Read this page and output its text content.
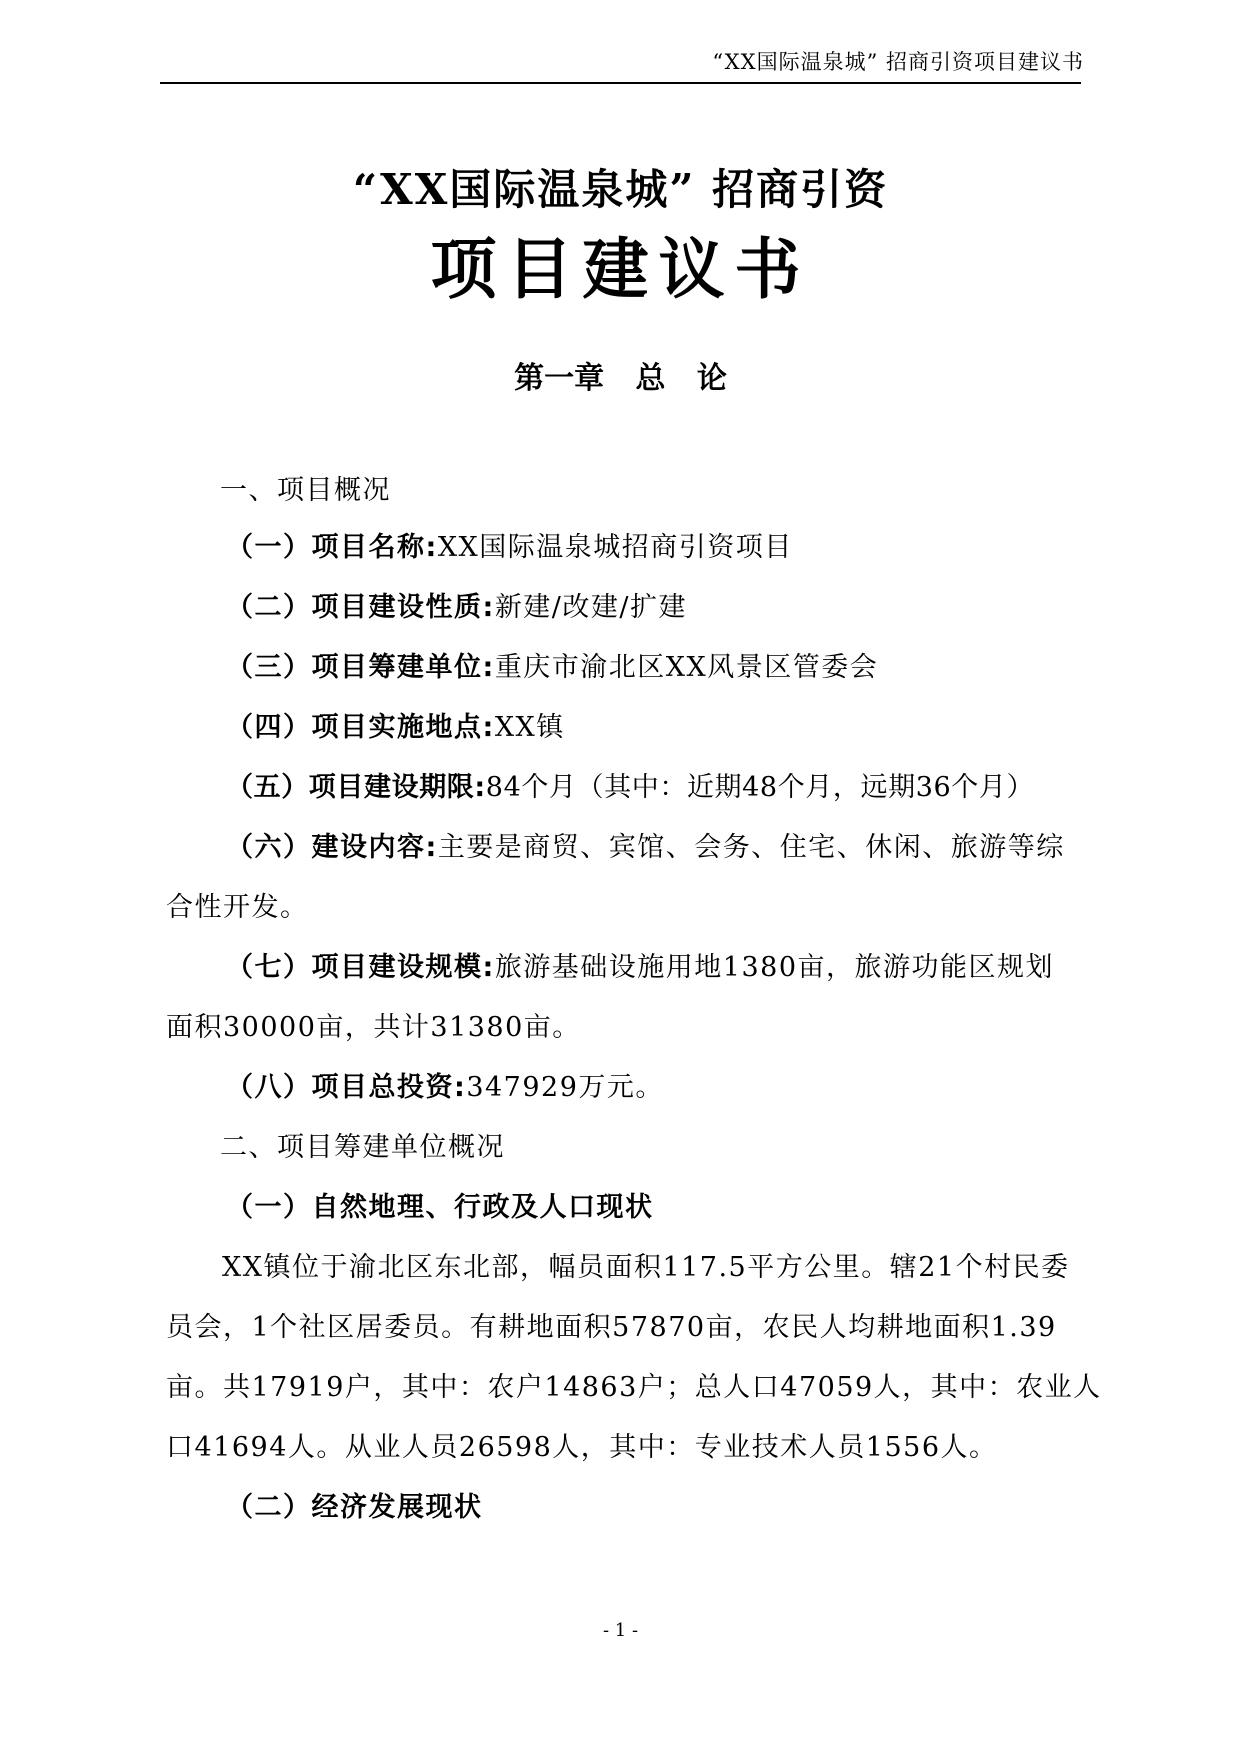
“XX国际温泉城” 招商引资项目建议书
“XX国际温泉城” 招商引资
项目建议书
第一章   总   论
一、项目概况
（一）项目名称:XX国际温泉城招商引资项目
（二）项目建设性质:新建/改建/扩建
（三）项目筹建单位:重庆市渝北区XX风景区管委会
（四）项目实施地点:XX镇
（五）项目建设期限:84个月（其中：近期48个月，远期36个月）
（六）建设内容:主要是商贸、宾馆、会务、住宅、休闲、旅游等综
合性开发。
（七）项目建设规模:旅游基础设施用地1380亩，旅游功能区规划
面积30000亩，共计31380亩。
（八）项目总投资:347929万元。
二、项目筹建单位概况
（一）自然地理、行政及人口现状
XX镇位于渝北区东北部，幅员面积117.5平方公里。辖21个村民委
员会，1个社区居委员。有耕地面积57870亩，农民人均耕地面积1.39
亩。共17919户，其中：农户14863户；总人口47059人，其中：农业人
口41694人。从业人员26598人，其中：专业技术人员1556人。
（二）经济发展现状
- 1 -
